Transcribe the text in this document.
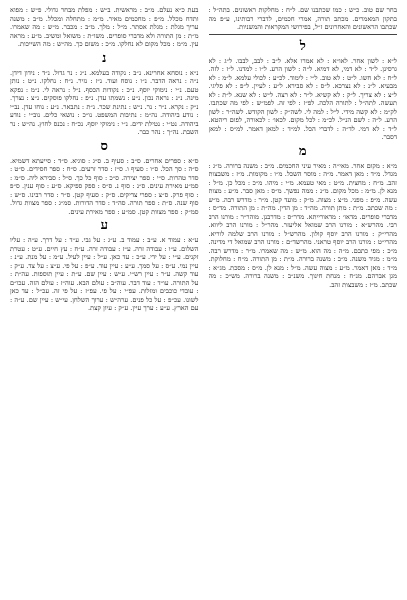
בחר שם טוב. כ״ש : כמו שכתבנו שם. ל״ח : מחלקות ראשונים. בתה״ל : בתקון המאמרים. מכתב תורה, אמרי חכמים, לדברי רבותינו, ע״פ מה שכתבו הראשונים והאחרונים ז״ל, בפירושי המקראות והמשניות.

ל

ל״א : לשון אחר. לאו״א : לא אמרו אלא. ל״ב : לבב, לבבו. ל״ג : לא גרסינן. ל״ד : לא דמי, לא דמיא. ל״ה : לשון הרע. ל״ו : למדנו. ל״ז : לזה. ל״ח : לא חשו. ל״ט : לא טוב. ל״י : לימוד. לכ״ע : לכולי עלמא. ל״מ : לא מבעיא. ל״נ : לא נצרכא. ל״ס : לא סבירא. ל״ע : לעיין. ל״פ : לא פליגי. ל״צ : לא צריך. ל״ק : לא קשיא. ל״ר : לא רצה. ל״ש : לא שנא. ל״ת : לא תעשה. לתה״ל : לתורה הלכה. לפ״ז : לפי זה. לפמ״ש : לפי מה שכתבו. לק״מ : לא קשה מידי. ל״ל : למה לי. לשה״ק : לשון הקודש. לשה״ר : לשון הרע. ל״ה : לשם הנ״ל. לכ״מ : לכל מקום. לכאו׳ : לכאורה, לפום ריהטא. ל״ד : לא דמי. לד״ה : לדברי הכל. למ״ד : למאן דאמר. למ״ס : למאן דסבר.

מ

מ״א : מקום אחר. מאי״ה : מאיר עיני החכמים. מ״ב : משנה ברורה. מ״ג : מגדל. מ״ד : מאן דאמר. מ״ה : מוסר השכל. מ״ו : מקומות. מ״ז : משבצות זהב. מ״ח : מחצית. מ״ט : מאי טעמא. מ״י : מיהו. מ״כ : מכל כן. מ״ל : מנא לן. מ״מ : מכל מקום. מ״נ : ממה נפשך. מ״ס : מאן סבר. מ״ע : מצות עשה. מ״פ : מפני. מ״צ : מצוה. מ״ק : מועד קטן. מ״ר : מדרש רבה. מ״ש : מה שכתב. מ״ת : מתן תורה. מה״ד : מן הדין. מה״ת : מן התורה. מד״ס : מדברי סופרים. מדאו׳ : מדאורייתא. מדר״ס : מדרבנן. מוהר״ר : מורנו הרב רבי. מהרש״א : מורנו הרב שמואל אליעזר. מהר״ל : מורנו הרב ליווא. מהרי״ק : מורנו הרב יוסף קולון. מהרש״ל : מורנו הרב שלמה לוריא. מהרי״ט : מורנו הרב יוסף טראני. מהרשד״ם : מורנו הרב שמואל די מדינה. מ״כ : מפי כתבם. מ״ה : מה הוא. מ״ש : מה שאמרו. מ״ר : מדרש רבה. מ״מ : מגיד משנה. מ״ב : משנה ברורה. מ״ת : מן התורה. מ״ח : מחלוקת. מ״ד : מאן דאמר. מ״ע : מצוה עשה. מ״ל : מנא לן. מ״ס : מסכת. מג״א : מגן אברהם. מנ״ח : מנחת חינוך. משנ״ב : משנה ברורה. מש״כ : מה שכתב. מ״ז : משבצות זהב.

בעת כ״א נעלם. מ״ב : מראשית. ב״ש : מפלת מבחר גדולי. פ״ש : מפוא ותדח מכלל. מ״פ : מחכמים מאיר. מ״מ : מתחלה ומכלל. מ״ב : משנה עריך מגלת : מגלת אסתר. מ״ל : מלך. מ״ב : מכבר. מ״ש : מה שאמרו. מ״ת : מן התורה ולא מדברי סופרים. משו״ת : משואל ומשיב. מ״ע : מראה עין. מ״מ : מכל מקום לא נחלקו. מ״כ : משום כך. מה״ש : מה השייכות.

נ

נ״א : נוסחא אחרינא. נ״ב : נקודה בעלמא. נ״ג : נר גדול. נ״ד : נידון דידן. נ״ה : נראה הדבר. נ״ו : נוסח ועוד. נ״ז : נזיר. נ״ח : נחלקו. נ״ט : נותן טעם. נ״י : נימוקי יוסף. נ״כ : נקודות הכסף. נ״ל : נראה לי. נ״מ : נפקא מינה. נ״נ : נראה נכון. נ״ע : נשמתו עדן. נ״פ : נחלקו פוסקים. נ״צ : נצרך. נ״ק : נקרא. נ״ר : נר. נ״ש : נתינת שכר. נ״ת : נתבאר. נ״ע : נוחו עדן. נב״י : נודע ביהודה. נה״מ : נתיבות המשפט. נו״כ : נושאי כלים. נוב״י : נודע ביהודה. נט״י : נטילת ידים. נ״י : נימוקי יוסף. נכ״ח : נכנס לחוץ. נה״ש : נר השבת. נה״ך : נהר כבר.

ס

ס״א : ספרים אחרים. ס״ב : סעיף ב. ס״ג : סוגיא. ס״ד : סייעתא דשמיא. ס״ה : סך הכל. ס״ו : סעיף ו. ס״ז : סדר זרעים. ס״ח : ספר חסידים. ס״ט : סדר טהרות. ס״י : ספר יצירה. ס״כ : סוף כל כך. ס״ל : סבירא ליה. ס״מ : סמ״ע מאירת עינים. ס״נ : סוף נ. ס״ס : ספק ספיקא. ס״ע : סוף ענין. ס״פ : סוף פרק. ס״צ : ספרי צדיקים. ס״ק : סעיף קטן. ס״ר : סדר רבינו. ס״ש : סוף שנה. ס״ת : ספר תורה. סה״ד : סדר הדורות. סמ״ג : ספר מצוות גדול. סמ״ק : ספר מצוות קטן. סמ״ע : ספר מאירת עינים.

ע

ע״א : עמוד א. ע״ב : עמוד ב. ע״ג : על גבי. ע״ד : על דרך. ע״ה : עליו השלום. ע״ו : עבודה זרה. ע״ז : עבודה זרה. ע״ח : עץ חיים. ע״ט : עטרת זקנים. ע״י : על ידי. ע״כ : עד כאן. ע״ל : עיין לעיל. ע״מ : על מנת. ע״נ : עיין נמי. ע״ס : על סמך. ע״ע : עיין עוד. ע״פ : על פי. ע״צ : על צד. ע״ק : עוד קשה. ע״ר : עיין רש״י. ע״ש : עיין שם. ע״ת : עיין תוספות. עה״ת : על התורה. עו״ד : עוד דבר. עוה״ב : עולם הבא. עוה״ז : עולם הזה. עכו״ם : עובדי כוכבים ומזלות. עפ״י : על פי. עפ״ז : על פי זה. עכ״ל : עד כאן לשונו. עכ״פ : על כל פנים. ערה״ש : ערוך השלחן. עי״ש : עיין שם. ע״ה : עם הארץ. ע״ע : ערך עיין. ע״ק : עיון קצת.
